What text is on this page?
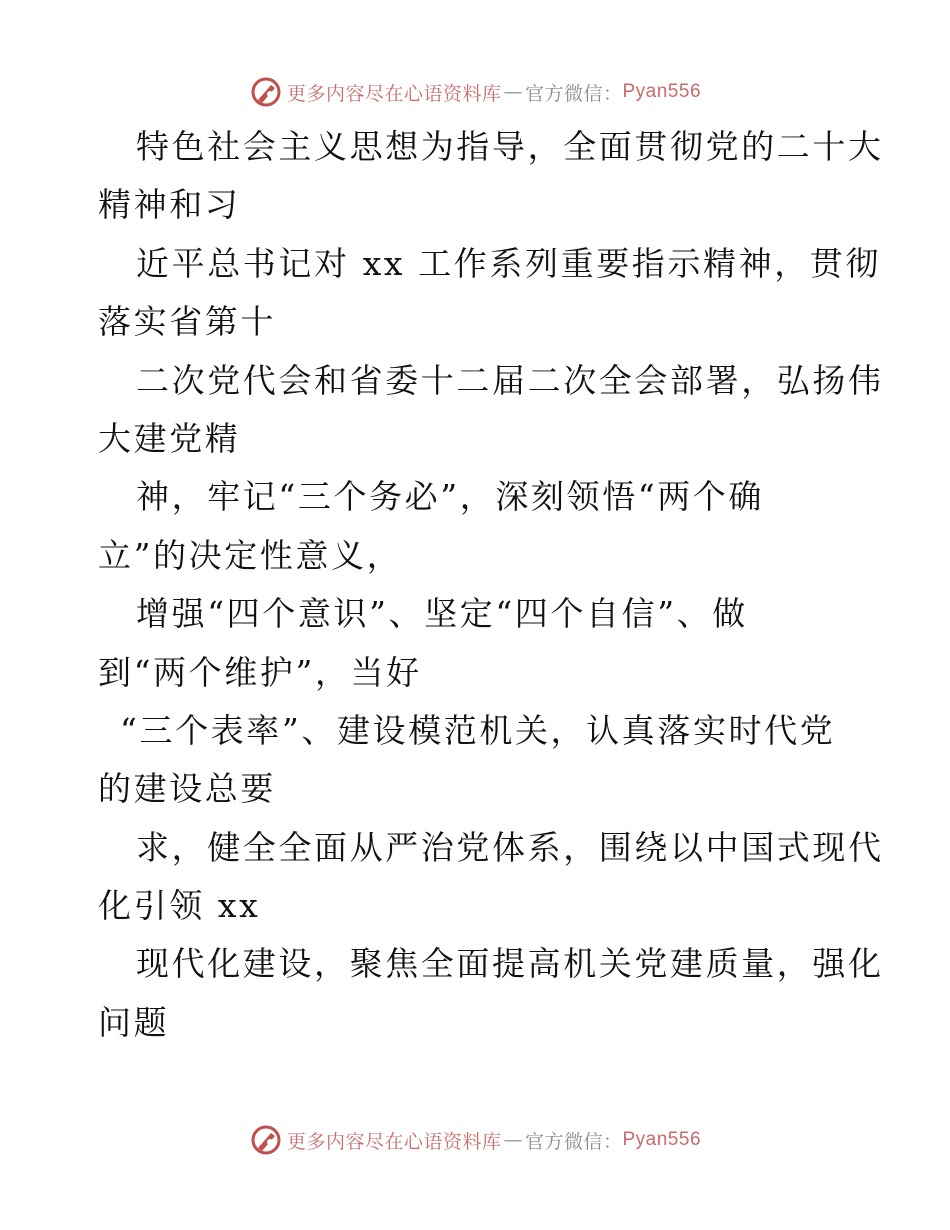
更多内容尽在心语资料库 — 官方微信： Pyan556
特色社会主义思想为指导，全面贯彻党的二十大
精神和习
近平总书记对 xx 工作系列重要指示精神，贯彻
落实省第十
二次党代会和省委十二届二次全会部署，弘扬伟
大建党精
神，牢记“三个务必”，深刻领悟“两个确
立”的决定性意义，
增强“四个意识”、坚定“四个自信”、做
到“两个维护”，当好
“三个表率”、建设模范机关，认真落实时代党
的建设总要
求，健全全面从严治党体系，围绕以中国式现代
化引领 xx
现代化建设，聚焦全面提高机关党建质量，强化
问题
更多内容尽在心语资料库 — 官方微信： Pyan556
